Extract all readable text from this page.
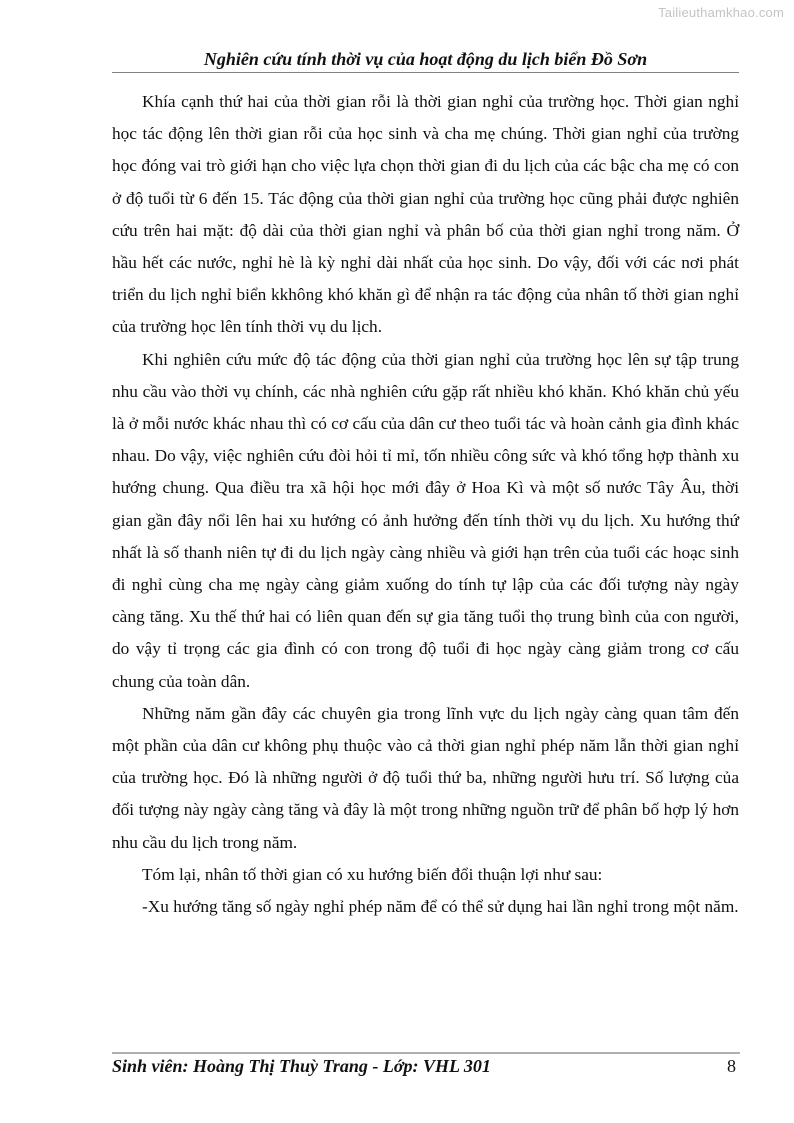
Tailieuthamkhao.com
Nghiên cứu tính thời vụ của hoạt động du lịch biển Đồ Sơn

Khía cạnh thứ hai của thời gian rỗi là thời gian nghỉ của trường học. Thời gian nghỉ học tác động lên thời gian rỗi của học sinh và cha mẹ chúng. Thời gian nghỉ của trường học đóng vai trò giới hạn cho việc lựa chọn thời gian đi du lịch của các bậc cha mẹ có con ở độ tuổi từ 6 đến 15. Tác động của thời gian nghỉ của trường học cũng phải được nghiên cứu trên hai mặt: độ dài của thời gian nghỉ và phân bố của thời gian nghỉ trong năm. Ở hầu hết các nước, nghỉ hè là kỳ nghỉ dài nhất của học sinh. Do vậy, đối với các nơi phát triển du lịch nghỉ biển kkhông khó khăn gì để nhận ra tác động của nhân tố thời gian nghỉ của trường học lên tính thời vụ du lịch.

Khi nghiên cứu mức độ tác động của thời gian nghỉ của trường học lên sự tập trung nhu cầu vào thời vụ chính, các nhà nghiên cứu gặp rất nhiều khó khăn. Khó khăn chủ yếu là ở mỗi nước khác nhau thì có cơ cấu của dân cư theo tuổi tác và hoàn cảnh gia đình khác nhau. Do vậy, việc nghiên cứu đòi hỏi tỉ mỉ, tốn nhiều công sức và khó tổng hợp thành xu hướng chung. Qua điều tra xã hội học mới đây ở Hoa Kì và một số nước Tây Âu, thời gian gần đây nổi lên hai xu hướng có ảnh hưởng đến tính thời vụ du lịch. Xu hướng thứ nhất là số thanh niên tự đi du lịch ngày càng nhiều và giới hạn trên của tuổi các hoạc sinh đi nghỉ cùng cha mẹ ngày càng giảm xuống do tính tự lập của các đối tượng này ngày càng tăng. Xu thế thứ hai có liên quan đến sự gia tăng tuổi thọ trung bình của con người, do vậy tỉ trọng các gia đình có con trong độ tuổi đi học ngày càng giảm trong cơ cấu chung của toàn dân.

Những năm gần đây các chuyên gia trong lĩnh vực du lịch ngày càng quan tâm đến một phần của dân cư không phụ thuộc vào cả thời gian nghỉ phép năm lẫn thời gian nghỉ của trường học. Đó là những người ở độ tuổi thứ ba, những người hưu trí. Số lượng của đối tượng này ngày càng tăng và đây là một trong những nguồn trữ để phân bố hợp lý hơn nhu cầu du lịch trong năm.

Tóm lại, nhân tố thời gian có xu hướng biến đổi thuận lợi như sau:

-Xu hướng tăng số ngày nghỉ phép năm để có thể sử dụng hai lần nghỉ trong một năm.

Sinh viên: Hoàng Thị Thuỳ Trang - Lớp: VHL 301	8
